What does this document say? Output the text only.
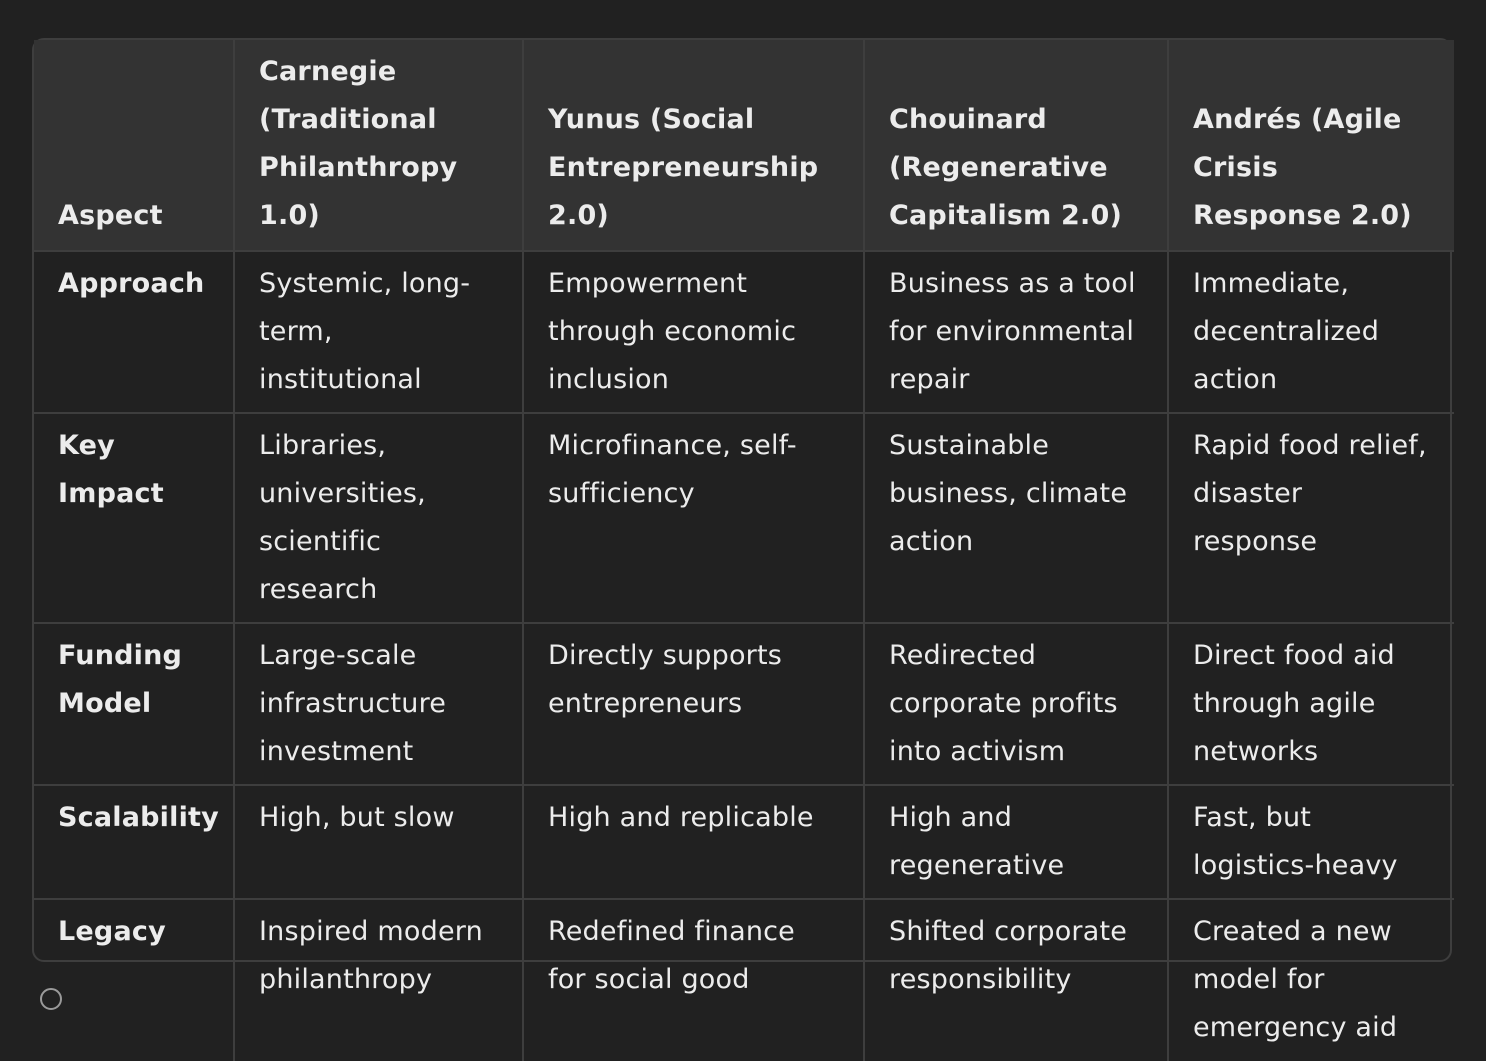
Aspect	Carnegie (Traditional Philanthropy 1.0)	Yunus (Social Entrepreneurship 2.0)	Chouinard (Regenerative Capitalism 2.0)	Andrés (Agile Crisis Response 2.0)
Approach	Systemic, long-term, institutional	Empowerment through economic inclusion	Business as a tool for environmental repair	Immediate, decentralized action
Key Impact	Libraries, universities, scientific research	Microfinance, self-sufficiency	Sustainable business, climate action	Rapid food relief, disaster response
Funding Model	Large-scale infrastructure investment	Directly supports entrepreneurs	Redirected corporate profits into activism	Direct food aid through agile networks
Scalability	High, but slow	High and replicable	High and regenerative	Fast, but logistics-heavy
Legacy	Inspired modern philanthropy	Redefined finance for social good	Shifted corporate responsibility	Created a new model for emergency aid
